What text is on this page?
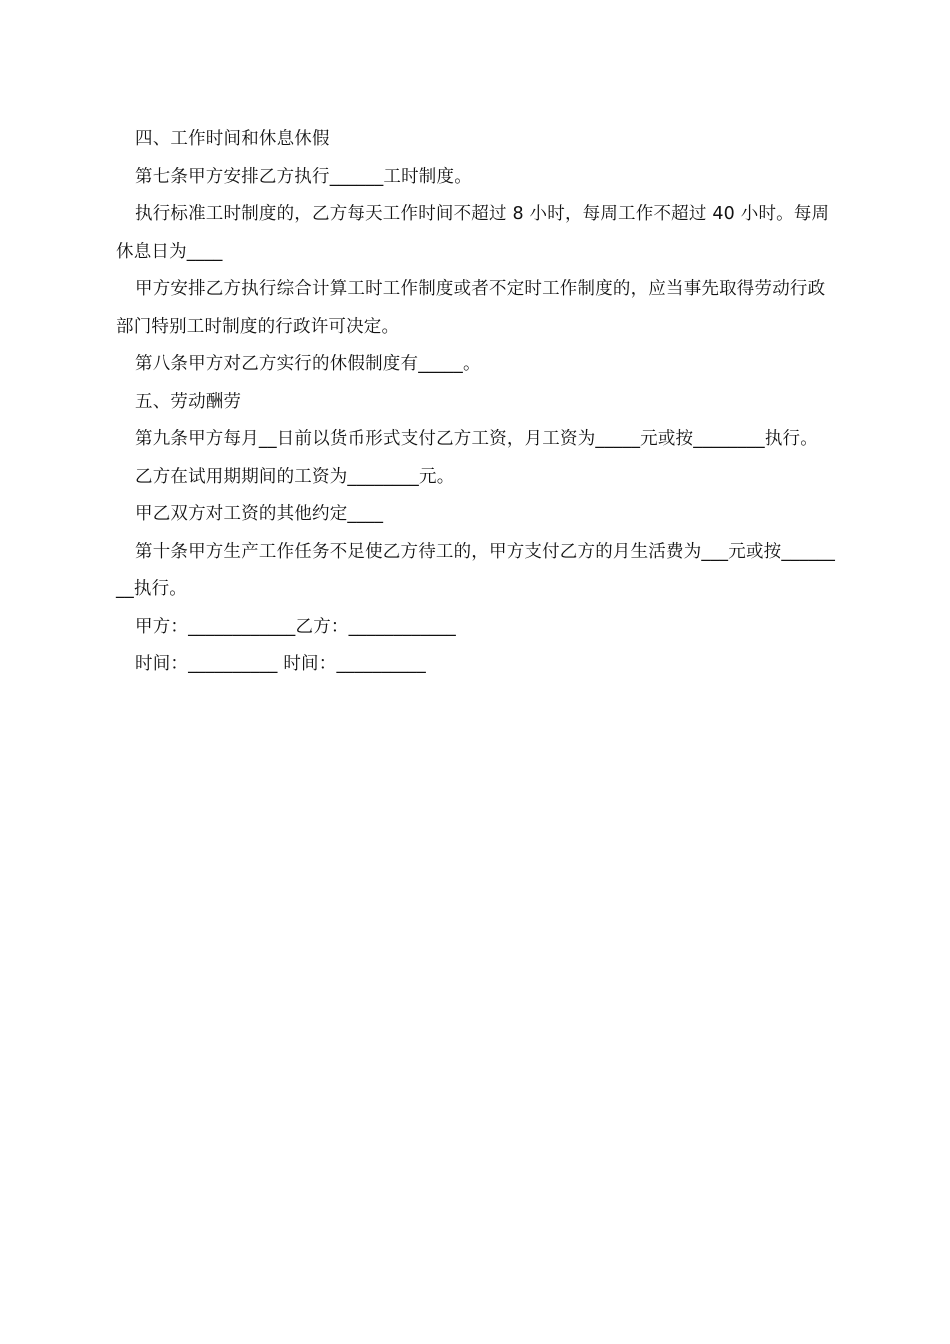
四、工作时间和休息休假

第七条甲方安排乙方执行______工时制度。

执行标准工时制度的，乙方每天工作时间不超过 8 小时，每周工作不超过 40 小时。每周休息日为____

甲方安排乙方执行综合计算工时工作制度或者不定时工作制度的，应当事先取得劳动行政部门特别工时制度的行政许可决定。

第八条甲方对乙方实行的休假制度有_____。

五、劳动酬劳

第九条甲方每月__日前以货币形式支付乙方工资，月工资为_____元或按________执行。

乙方在试用期期间的工资为________元。

甲乙双方对工资的其他约定____

第十条甲方生产工作任务不足使乙方待工的，甲方支付乙方的月生活费为___元或按________执行。

甲方：____________乙方：____________

时间：__________ 时间：__________
